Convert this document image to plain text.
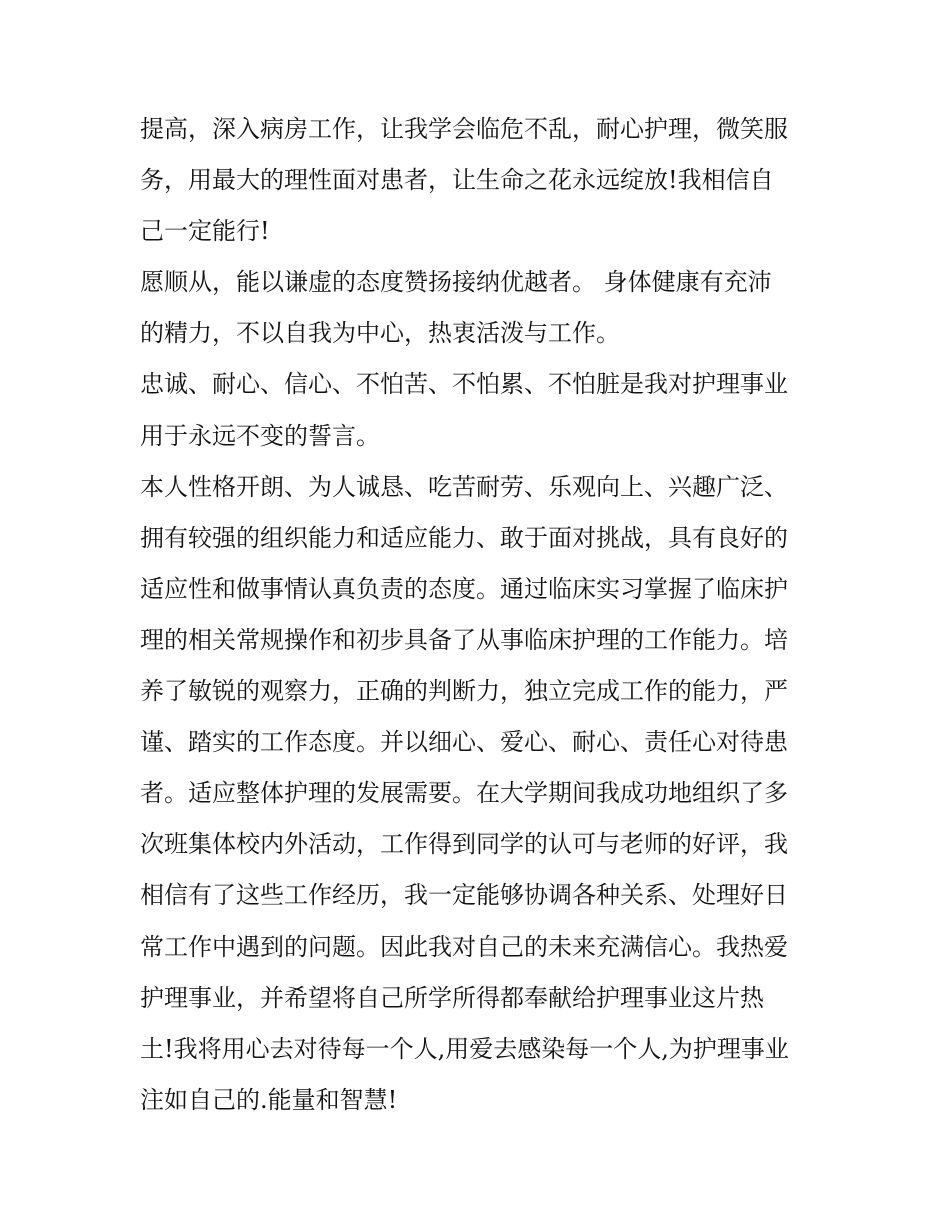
提高，深入病房工作，让我学会临危不乱，耐心护理，微笑服
务，用最大的理性面对患者，让生命之花永远绽放!我相信自
己一定能行!
愿顺从，能以谦虚的态度赞扬接纳优越者。 身体健康有充沛
的精力，不以自我为中心，热衷活泼与工作。
忠诚、耐心、信心、不怕苦、不怕累、不怕脏是我对护理事业
用于永远不变的誓言。
本人性格开朗、为人诚恳、吃苦耐劳、乐观向上、兴趣广泛、
拥有较强的组织能力和适应能力、敢于面对挑战，具有良好的
适应性和做事情认真负责的态度。通过临床实习掌握了临床护
理的相关常规操作和初步具备了从事临床护理的工作能力。培
养了敏锐的观察力，正确的判断力，独立完成工作的能力，严
谨、踏实的工作态度。并以细心、爱心、耐心、责任心对待患
者。适应整体护理的发展需要。在大学期间我成功地组织了多
次班集体校内外活动，工作得到同学的认可与老师的好评，我
相信有了这些工作经历，我一定能够协调各种关系、处理好日
常工作中遇到的问题。因此我对自己的未来充满信心。我热爱
护理事业，并希望将自己所学所得都奉献给护理事业这片热
土!我将用心去对待每一个人,用爱去感染每一个人,为护理事业
注如自己的.能量和智慧!
